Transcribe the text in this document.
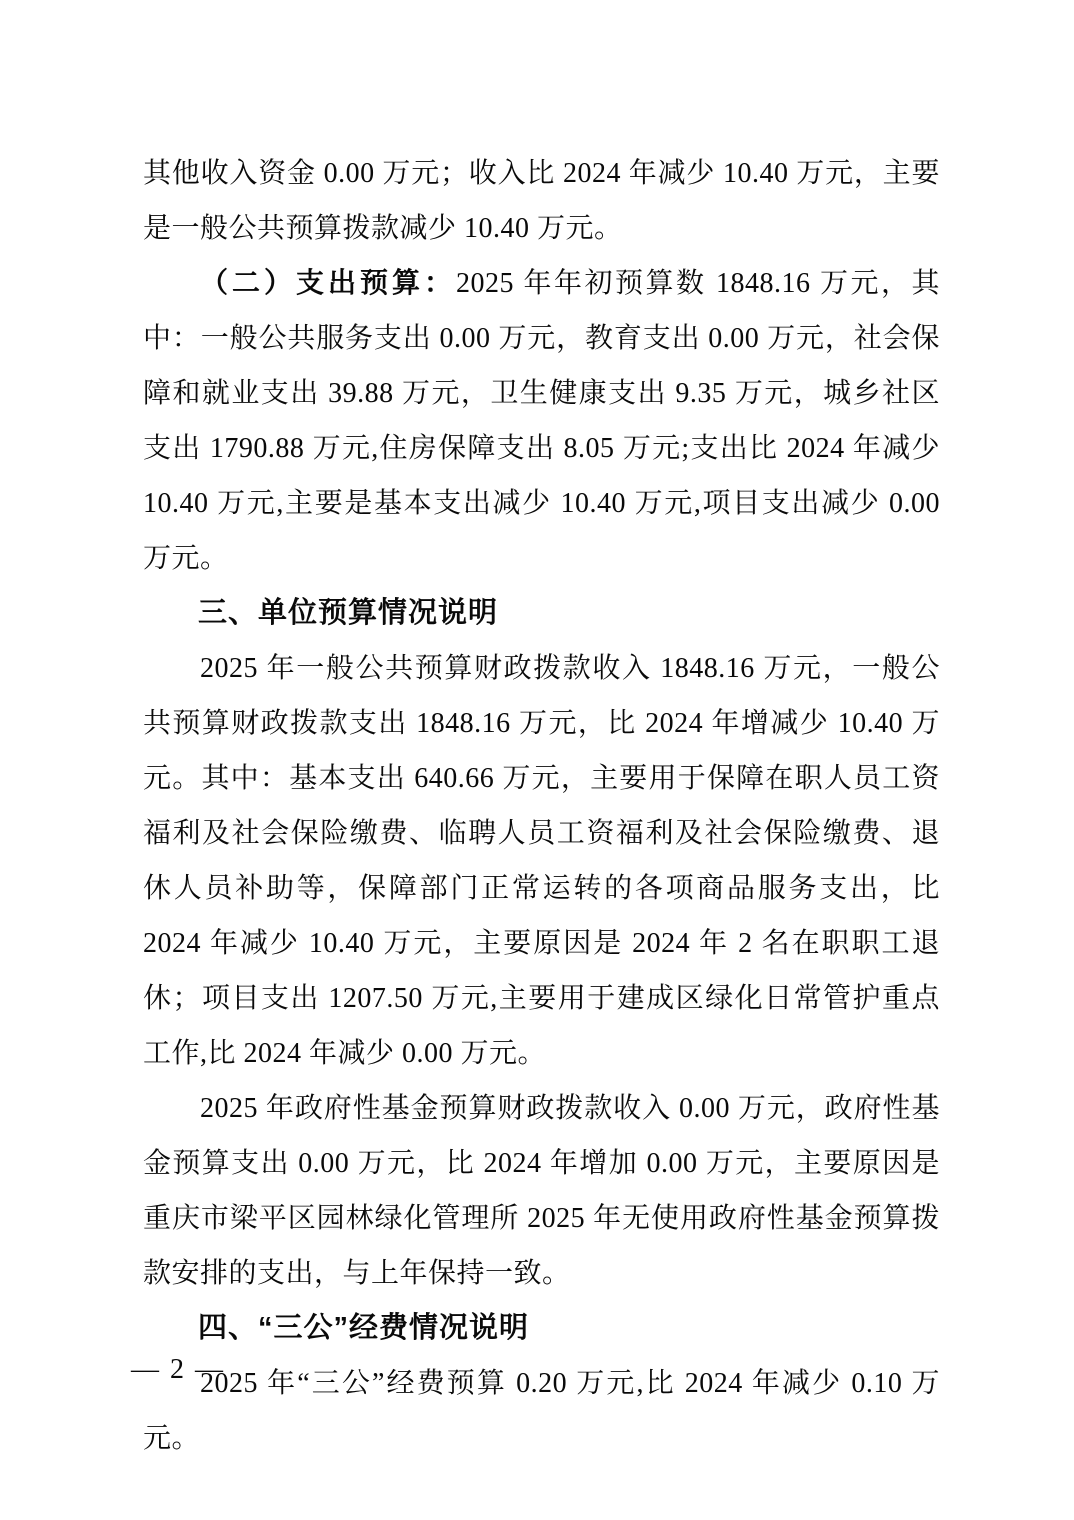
其他收入资金 0.00 万元；收入比 2024 年减少 10.40 万元，主要是一般公共预算拨款减少 10.40 万元。

（二）支出预算：2025 年年初预算数 1848.16 万元，其中：一般公共服务支出 0.00 万元，教育支出 0.00 万元，社会保障和就业支出 39.88 万元，卫生健康支出 9.35 万元，城乡社区支出 1790.88 万元,住房保障支出 8.05 万元;支出比 2024 年减少 10.40 万元,主要是基本支出减少 10.40 万元,项目支出减少 0.00 万元。

三、单位预算情况说明

2025 年一般公共预算财政拨款收入 1848.16 万元，一般公共预算财政拨款支出 1848.16 万元，比 2024 年增减少 10.40 万元。其中：基本支出 640.66 万元，主要用于保障在职人员工资福利及社会保险缴费、临聘人员工资福利及社会保险缴费、退休人员补助等，保障部门正常运转的各项商品服务支出，比 2024 年减少 10.40 万元，主要原因是 2024 年 2 名在职职工退休；项目支出 1207.50 万元,主要用于建成区绿化日常管护重点工作,比 2024 年减少 0.00 万元。

2025 年政府性基金预算财政拨款收入 0.00 万元，政府性基金预算支出 0.00 万元，比 2024 年增加 0.00 万元，主要原因是重庆市梁平区园林绿化管理所 2025 年无使用政府性基金预算拨款安排的支出，与上年保持一致。

四、“三公”经费情况说明

2025 年“三公”经费预算 0.20 万元,比 2024 年减少 0.10 万元。

— 2 —
